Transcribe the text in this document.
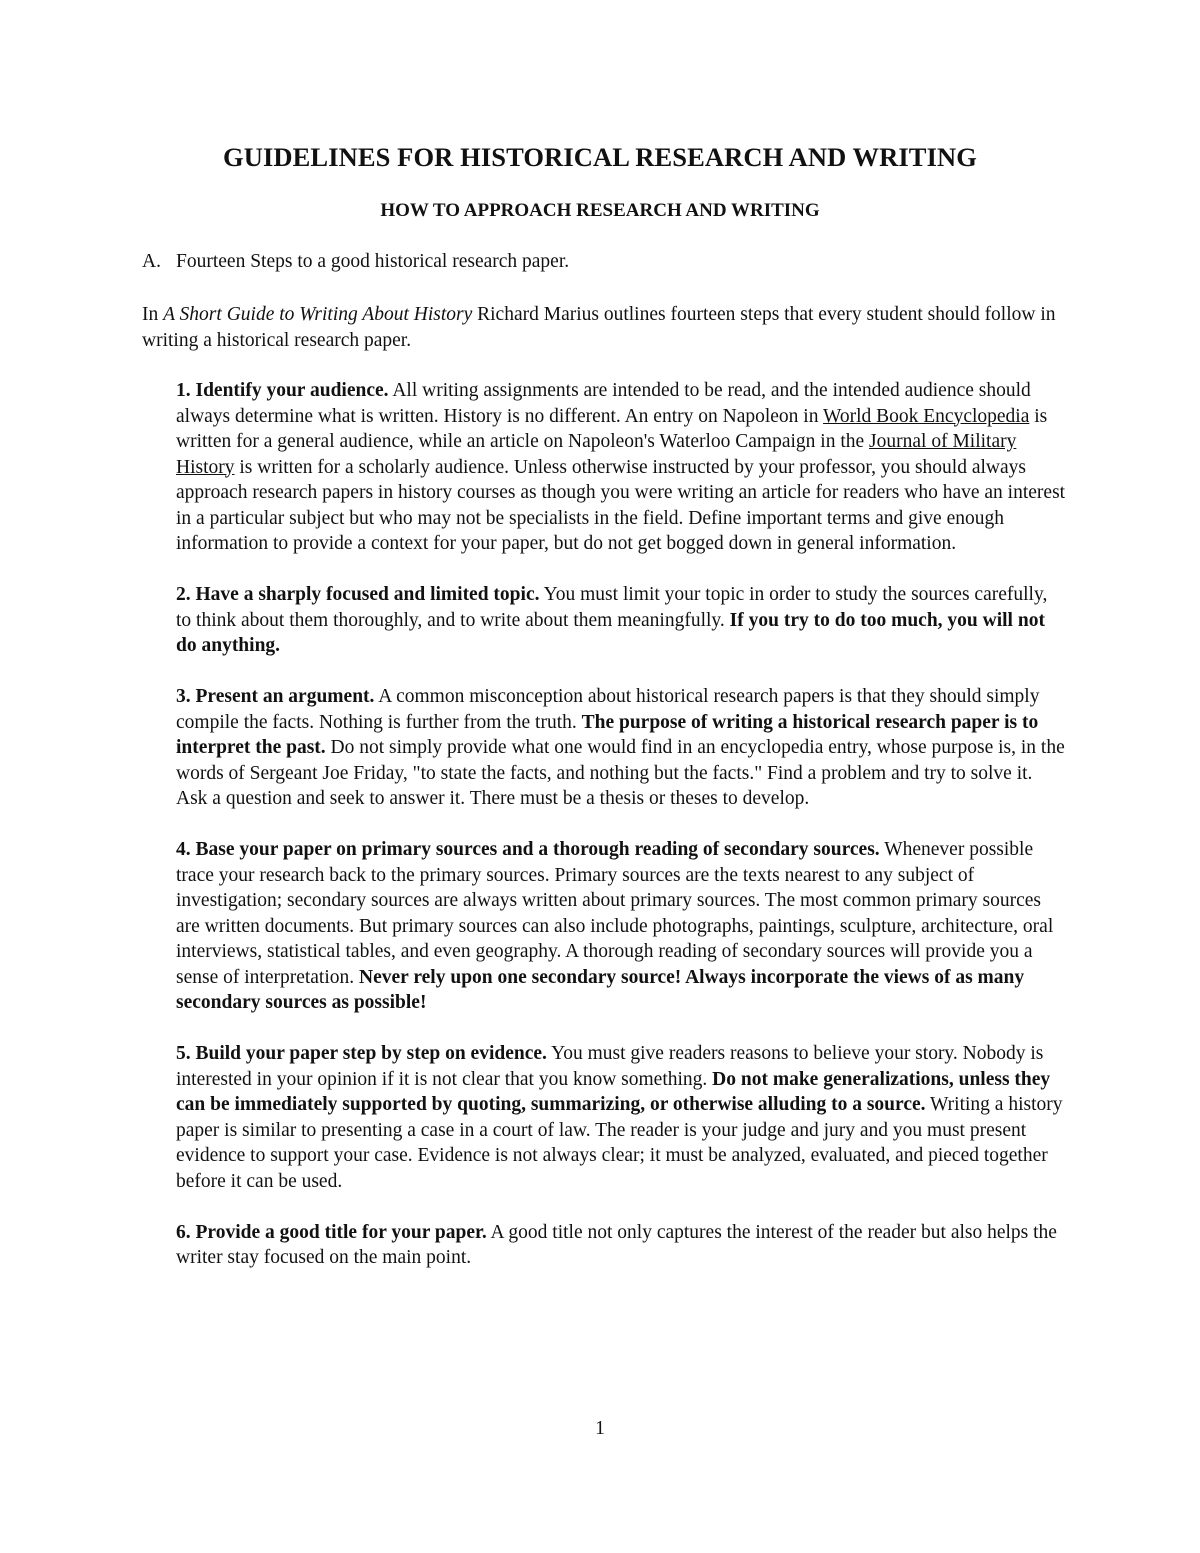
GUIDELINES FOR HISTORICAL RESEARCH AND WRITING
HOW TO APPROACH RESEARCH AND WRITING

A. Fourteen Steps to a good historical research paper.

In A Short Guide to Writing About History Richard Marius outlines fourteen steps that every student should follow in writing a historical research paper.

1. Identify your audience. All writing assignments are intended to be read, and the intended audience should always determine what is written. History is no different. An entry on Napoleon in World Book Encyclopedia is written for a general audience, while an article on Napoleon's Waterloo Campaign in the Journal of Military History is written for a scholarly audience. Unless otherwise instructed by your professor, you should always approach research papers in history courses as though you were writing an article for readers who have an interest in a particular subject but who may not be specialists in the field. Define important terms and give enough information to provide a context for your paper, but do not get bogged down in general information.

2. Have a sharply focused and limited topic. You must limit your topic in order to study the sources carefully, to think about them thoroughly, and to write about them meaningfully. If you try to do too much, you will not do anything.

3. Present an argument. A common misconception about historical research papers is that they should simply compile the facts. Nothing is further from the truth. The purpose of writing a historical research paper is to interpret the past. Do not simply provide what one would find in an encyclopedia entry, whose purpose is, in the words of Sergeant Joe Friday, "to state the facts, and nothing but the facts." Find a problem and try to solve it. Ask a question and seek to answer it. There must be a thesis or theses to develop.

4. Base your paper on primary sources and a thorough reading of secondary sources. Whenever possible trace your research back to the primary sources. Primary sources are the texts nearest to any subject of investigation; secondary sources are always written about primary sources. The most common primary sources are written documents. But primary sources can also include photographs, paintings, sculpture, architecture, oral interviews, statistical tables, and even geography. A thorough reading of secondary sources will provide you a sense of interpretation. Never rely upon one secondary source! Always incorporate the views of as many secondary sources as possible!

5. Build your paper step by step on evidence. You must give readers reasons to believe your story. Nobody is interested in your opinion if it is not clear that you know something. Do not make generalizations, unless they can be immediately supported by quoting, summarizing, or otherwise alluding to a source. Writing a history paper is similar to presenting a case in a court of law. The reader is your judge and jury and you must present evidence to support your case. Evidence is not always clear; it must be analyzed, evaluated, and pieced together before it can be used.

6. Provide a good title for your paper. A good title not only captures the interest of the reader but also helps the writer stay focused on the main point.

1
